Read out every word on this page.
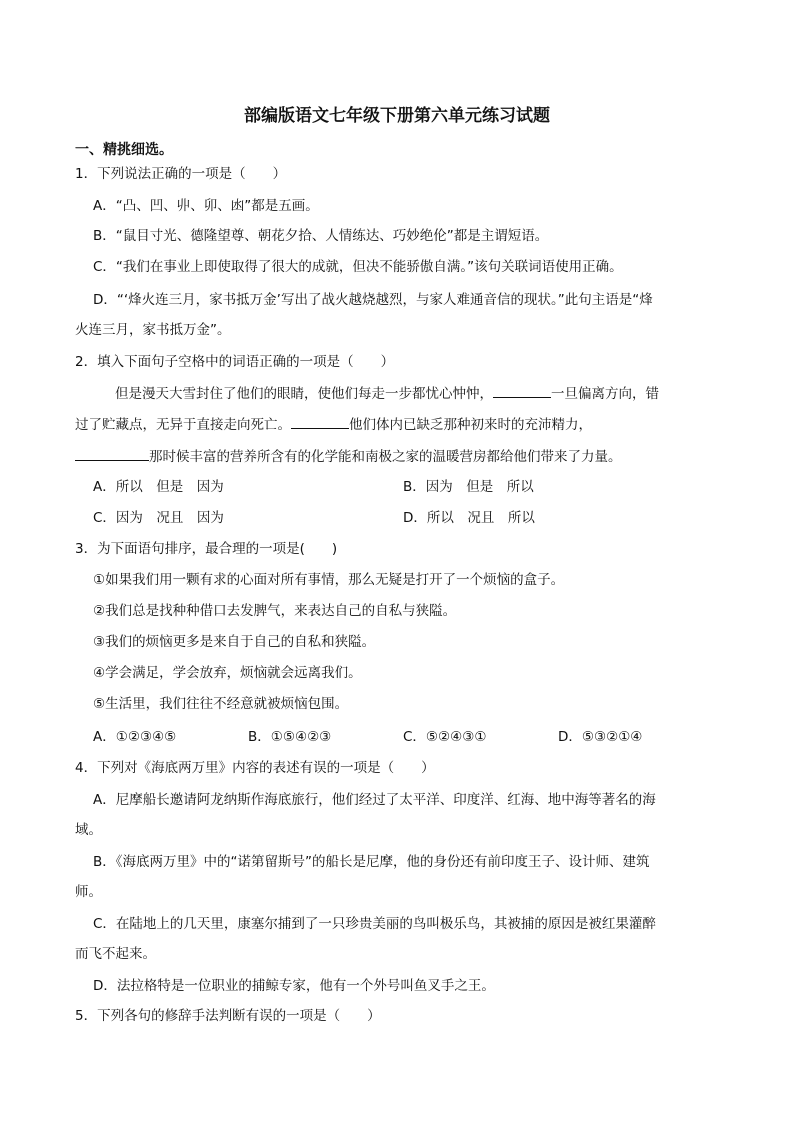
部编版语文七年级下册第六单元练习试题
一、精挑细选。
1．下列说法正确的一项是（　　）
A．“凸、凹、丱、卯、凼”都是五画。
B．“鼠目寸光、德隆望尊、朝花夕拾、人情练达、巧妙绝伦”都是主谓短语。
C．“我们在事业上即使取得了很大的成就，但决不能骄傲自满。”该句关联词语使用正确。
D．“‘烽火连三月，家书抵万金’写出了战火越烧越烈，与家人难通音信的现状。”此句主语是“烽
火连三月，家书抵万金”。
2．填入下面句子空格中的词语正确的一项是（　　）
但是漫天大雪封住了他们的眼睛，使他们每走一步都忧心忡忡，	一旦偏离方向，错
过了贮藏点，无异于直接走向死亡。	他们体内已缺乏那种初来时的充沛精力，
那时候丰富的营养所含有的化学能和南极之家的温暖营房都给他们带来了力量。
A．所以　但是　因为	B．因为　但是　所以
C．因为　况且　因为	D．所以　况且　所以
3．为下面语句排序，最合理的一项是(　　)
①如果我们用一颗有求的心面对所有事情，那么无疑是打开了一个烦恼的盒子。
②我们总是找种种借口去发脾气，来表达自己的自私与狭隘。
③我们的烦恼更多是来自于自己的自私和狭隘。
④学会满足，学会放弃，烦恼就会远离我们。
⑤生活里，我们往往不经意就被烦恼包围。
A．①②③④⑤	B．①⑤④②③	C．⑤②④③①	D．⑤③②①④
4．下列对《海底两万里》内容的表述有误的一项是（　　）
A．尼摩船长邀请阿龙纳斯作海底旅行，他们经过了太平洋、印度洋、红海、地中海等著名的海
域。
B．《海底两万里》中的“诺第留斯号”的船长是尼摩，他的身份还有前印度王子、设计师、建筑
师。
C．在陆地上的几天里，康塞尔捕到了一只珍贵美丽的鸟叫极乐鸟，其被捕的原因是被红果灌醉
而飞不起来。
D．法拉格特是一位职业的捕鲸专家，他有一个外号叫鱼叉手之王。
5．下列各句的修辞手法判断有误的一项是（　　）
